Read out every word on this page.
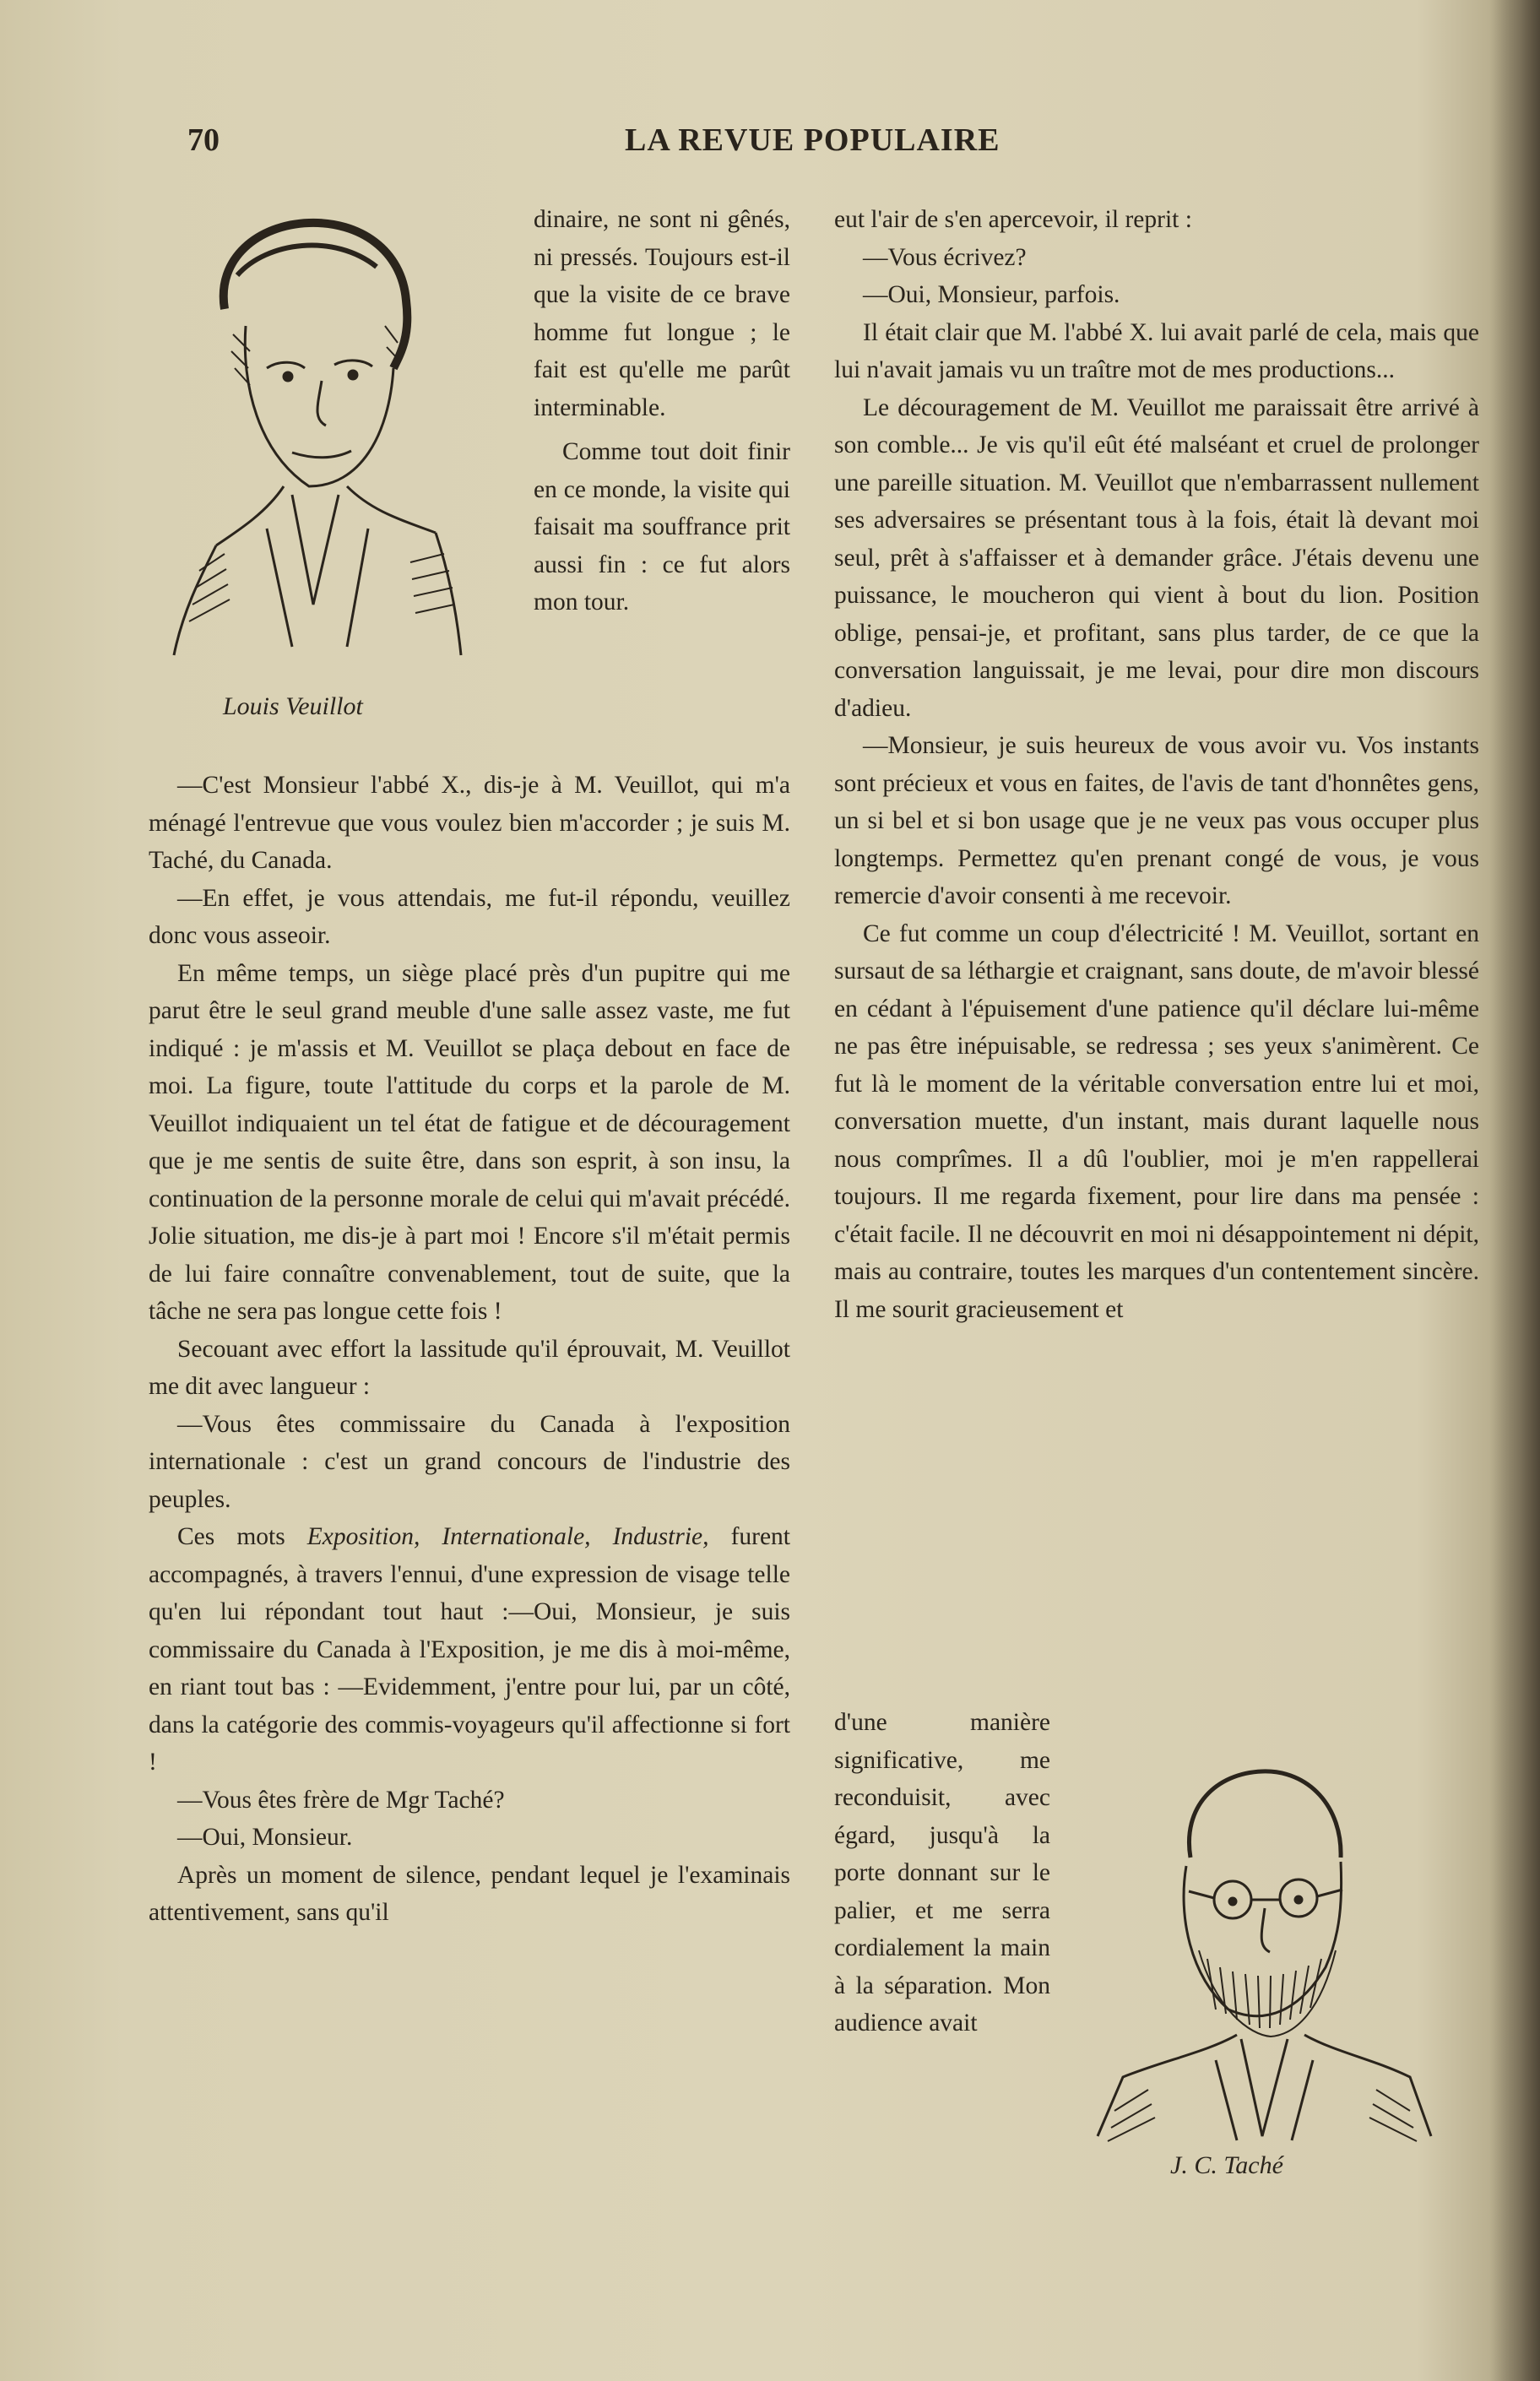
70	LA REVUE POPULAIRE
Louis Veuillot

dinaire, ne sont ni gênés, ni pressés. Toujours est-il que la visite de ce brave homme fut longue ; le fait est qu'elle me parût interminable.

Comme tout doit finir en ce monde, la visite qui faisait ma souffrance prit aussi fin : ce fut alors mon tour.

—C'est Monsieur l'abbé X., dis-je à M. Veuillot, qui m'a ménagé l'entrevue que vous voulez bien m'accorder ; je suis M. Taché, du Canada.

—En effet, je vous attendais, me fut-il répondu, veuillez donc vous asseoir.

En même temps, un siège placé près d'un pupitre qui me parut être le seul grand meuble d'une salle assez vaste, me fut indiqué : je m'assis et M. Veuillot se plaça debout en face de moi. La figure, toute l'attitude du corps et la parole de M. Veuillot indiquaient un tel état de fatigue et de découragement que je me sentis de suite être, dans son esprit, à son insu, la continuation de la personne morale de celui qui m'avait précédé. Jolie situation, me dis-je à part moi ! Encore s'il m'était permis de lui faire connaître convenablement, tout de suite, que la tâche ne sera pas longue cette fois !

Secouant avec effort la lassitude qu'il éprouvait, M. Veuillot me dit avec langueur :

—Vous êtes commissaire du Canada à l'exposition internationale : c'est un grand concours de l'industrie des peuples.

Ces mots Exposition, Internationale, Industrie, furent accompagnés, à travers l'ennui, d'une expression de visage telle qu'en lui répondant tout haut :—Oui, Monsieur, je suis commissaire du Canada à l'Exposition, je me dis à moi-même, en riant tout bas : —Evidemment, j'entre pour lui, par un côté, dans la catégorie des commis-voyageurs qu'il affectionne si fort !

—Vous êtes frère de Mgr Taché?

—Oui, Monsieur.

Après un moment de silence, pendant lequel je l'examinais attentivement, sans qu'il

eut l'air de s'en apercevoir, il reprit :

—Vous écrivez?

—Oui, Monsieur, parfois.

Il était clair que M. l'abbé X. lui avait parlé de cela, mais que lui n'avait jamais vu un traître mot de mes productions...

Le découragement de M. Veuillot me paraissait être arrivé à son comble... Je vis qu'il eût été malséant et cruel de prolonger une pareille situation. M. Veuillot que n'embarrassent nullement ses adversaires se présentant tous à la fois, était là devant moi seul, prêt à s'affaisser et à demander grâce. J'étais devenu une puissance, le moucheron qui vient à bout du lion. Position oblige, pensai-je, et profitant, sans plus tarder, de ce que la conversation languissait, je me levai, pour dire mon discours d'adieu.

—Monsieur, je suis heureux de vous avoir vu. Vos instants sont précieux et vous en faites, de l'avis de tant d'honnêtes gens, un si bel et si bon usage que je ne veux pas vous occuper plus longtemps. Permettez qu'en prenant congé de vous, je vous remercie d'avoir consenti à me recevoir.

Ce fut comme un coup d'électricité ! M. Veuillot, sortant en sursaut de sa léthargie et craignant, sans doute, de m'avoir blessé en cédant à l'épuisement d'une patience qu'il déclare lui-même ne pas être inépuisable, se redressa ; ses yeux s'animèrent. Ce fut là le moment de la véritable conversation entre lui et moi, conversation muette, d'un instant, mais durant laquelle nous nous comprîmes. Il a dû l'oublier, moi je m'en rappellerai toujours. Il me regarda fixement, pour lire dans ma pensée : c'était facile. Il ne découvrit en moi ni désappointement ni dépit, mais au contraire, toutes les marques d'un contentement sincère. Il me sourit gracieusement et

d'une manière significative, me reconduisit, avec égard, jusqu'à la porte donnant sur le palier, et me serra cordialement la main à la séparation. Mon audience avait

J. C. Taché
